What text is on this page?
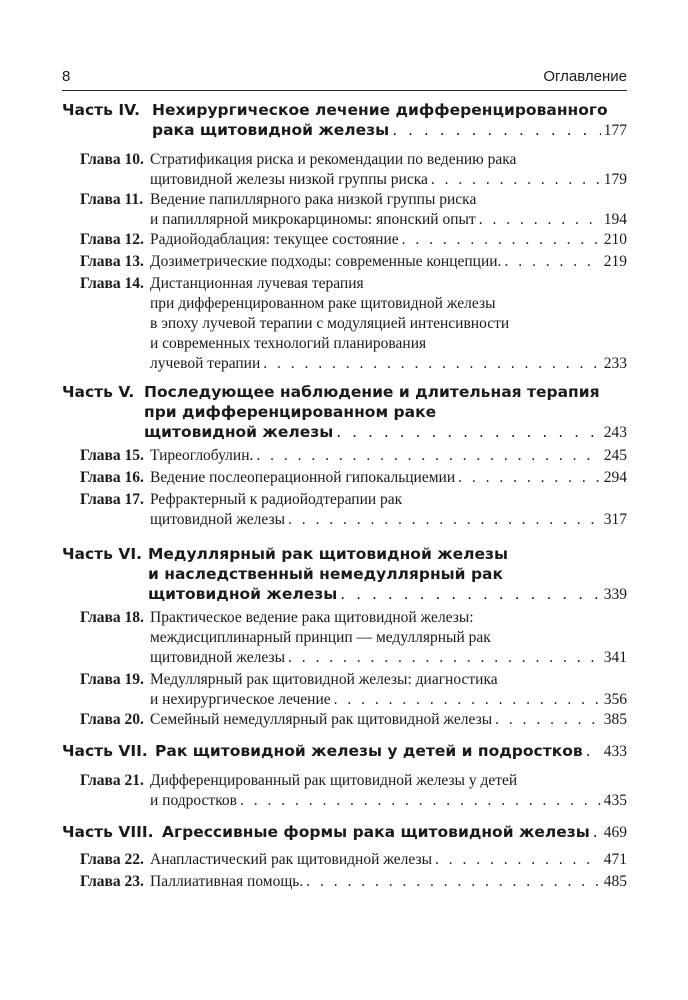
8	Оглавление
Часть IV. Нехирургическое лечение дифференцированного
рака щитовидной железы . . .	177
Глава 10. Стратификация риска и рекомендации по ведению рака
щитовидной железы низкой группы риска . . .	179
Глава 11. Ведение папиллярного рака низкой группы риска
и папиллярной микрокарциномы: японский опыт . . .	194
Глава 12. Радиойодаблация: текущее состояние . . .	210
Глава 13. Дозиметрические подходы: современные концепции. . . .	219
Глава 14. Дистанционная лучевая терапия
при дифференцированном раке щитовидной железы
в эпоху лучевой терапии с модуляцией интенсивности
и современных технологий планирования
лучевой терапии . . .	233
Часть V. Последующее наблюдение и длительная терапия
при дифференцированном раке
щитовидной железы . . .	243
Глава 15. Тиреоглобулин. . . .	245
Глава 16. Ведение послеоперационной гипокальциемии . . .	294
Глава 17. Рефрактерный к радиойодтерапии рак
щитовидной железы . . .	317
Часть VI. Медуллярный рак щитовидной железы
и наследственный немедуллярный рак
щитовидной железы . . .	339
Глава 18. Практическое ведение рака щитовидной железы:
междисциплинарный принцип — медуллярный рак
щитовидной железы . . .	341
Глава 19. Медуллярный рак щитовидной железы: диагностика
и нехирургическое лечение . . .	356
Глава 20. Семейный немедуллярный рак щитовидной железы . . .	385
Часть VII. Рак щитовидной железы у детей и подростков . . . 433
Глава 21. Дифференцированный рак щитовидной железы у детей
и подростков . . .	435
Часть VIII. Агрессивные формы рака щитовидной железы . . . 469
Глава 22. Анапластический рак щитовидной железы . . .	471
Глава 23. Паллиативная помощь. . . .	485
